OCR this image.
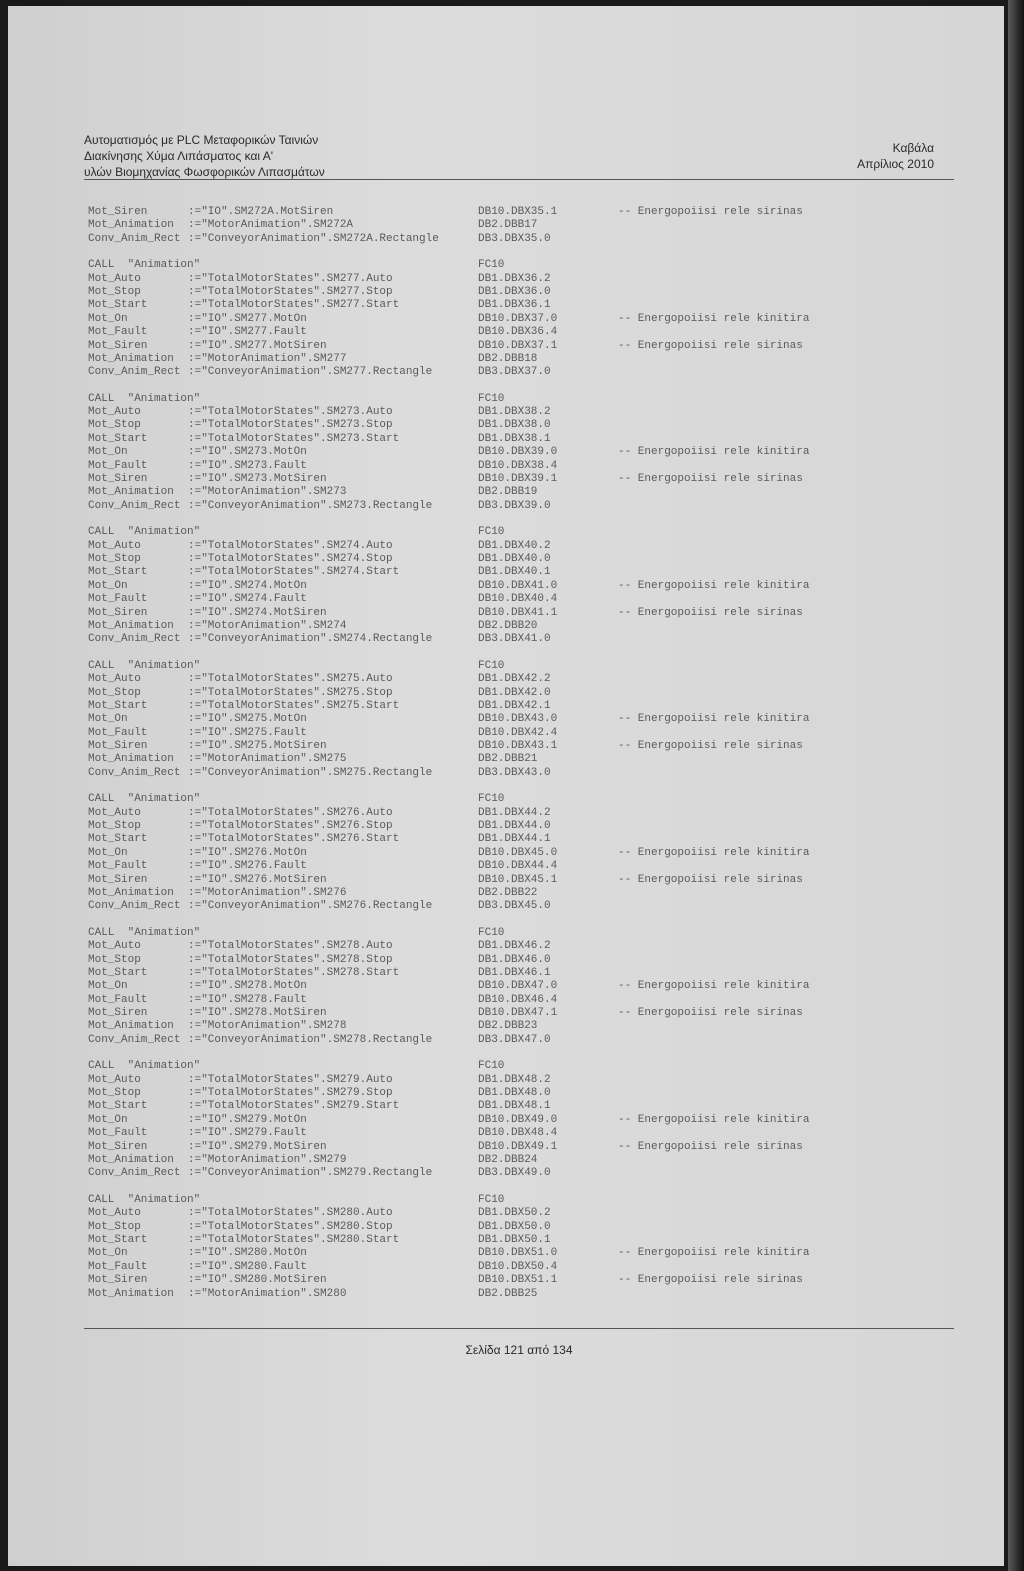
Αυτοματισμός με PLC Μεταφορικών Ταινιών
Διακίνησης Χύμα Λιπάσματος και Α'
υλών Βιομηχανίας Φωσφορικών Λιπασμάτων
Καβάλα
Απρίλιος 2010
Mot_Siren	:="IO".SM272A.MotSiren	DB10.DBX35.1	-- Energopoiisi rele sirinas
Mot_Animation :="MotorAnimation".SM272A	DB2.DBB17
Conv_Anim_Rect :="ConveyorAnimation".SM272A.Rectangle	DB3.DBX35.0
CALL  "Animation"	FC10
Mot_Auto	:="TotalMotorStates".SM277.Auto	DB1.DBX36.2
Mot_Stop	:="TotalMotorStates".SM277.Stop	DB1.DBX36.0
Mot_Start	:="TotalMotorStates".SM277.Start	DB1.DBX36.1
Mot_On	:="IO".SM277.MotOn	DB10.DBX37.0	-- Energopoiisi rele kinitira
Mot_Fault	:="IO".SM277.Fault	DB10.DBX36.4
Mot_Siren	:="IO".SM277.MotSiren	DB10.DBX37.1	-- Energopoiisi rele sirinas
Mot_Animation :="MotorAnimation".SM277	DB2.DBB18
Conv_Anim_Rect :="ConveyorAnimation".SM277.Rectangle	DB3.DBX37.0
CALL  "Animation"	FC10
Mot_Auto	:="TotalMotorStates".SM273.Auto	DB1.DBX38.2
Mot_Stop	:="TotalMotorStates".SM273.Stop	DB1.DBX38.0
Mot_Start	:="TotalMotorStates".SM273.Start	DB1.DBX38.1
Mot_On	:="IO".SM273.MotOn	DB10.DBX39.0	-- Energopoiisi rele kinitira
Mot_Fault	:="IO".SM273.Fault	DB10.DBX38.4
Mot_Siren	:="IO".SM273.MotSiren	DB10.DBX39.1	-- Energopoiisi rele sirinas
Mot_Animation :="MotorAnimation".SM273	DB2.DBB19
Conv_Anim_Rect :="ConveyorAnimation".SM273.Rectangle	DB3.DBX39.0
CALL  "Animation"	FC10
Mot_Auto	:="TotalMotorStates".SM274.Auto	DB1.DBX40.2
Mot_Stop	:="TotalMotorStates".SM274.Stop	DB1.DBX40.0
Mot_Start	:="TotalMotorStates".SM274.Start	DB1.DBX40.1
Mot_On	:="IO".SM274.MotOn	DB10.DBX41.0	-- Energopoiisi rele kinitira
Mot_Fault	:="IO".SM274.Fault	DB10.DBX40.4
Mot_Siren	:="IO".SM274.MotSiren	DB10.DBX41.1	-- Energopoiisi rele sirinas
Mot_Animation :="MotorAnimation".SM274	DB2.DBB20
Conv_Anim_Rect :="ConveyorAnimation".SM274.Rectangle	DB3.DBX41.0
CALL  "Animation"	FC10
Mot_Auto	:="TotalMotorStates".SM275.Auto	DB1.DBX42.2
Mot_Stop	:="TotalMotorStates".SM275.Stop	DB1.DBX42.0
Mot_Start	:="TotalMotorStates".SM275.Start	DB1.DBX42.1
Mot_On	:="IO".SM275.MotOn	DB10.DBX43.0	-- Energopoiisi rele kinitira
Mot_Fault	:="IO".SM275.Fault	DB10.DBX42.4
Mot_Siren	:="IO".SM275.MotSiren	DB10.DBX43.1	-- Energopoiisi rele sirinas
Mot_Animation :="MotorAnimation".SM275	DB2.DBB21
Conv_Anim_Rect :="ConveyorAnimation".SM275.Rectangle	DB3.DBX43.0
CALL  "Animation"	FC10
Mot_Auto	:="TotalMotorStates".SM276.Auto	DB1.DBX44.2
Mot_Stop	:="TotalMotorStates".SM276.Stop	DB1.DBX44.0
Mot_Start	:="TotalMotorStates".SM276.Start	DB1.DBX44.1
Mot_On	:="IO".SM276.MotOn	DB10.DBX45.0	-- Energopoiisi rele kinitira
Mot_Fault	:="IO".SM276.Fault	DB10.DBX44.4
Mot_Siren	:="IO".SM276.MotSiren	DB10.DBX45.1	-- Energopoiisi rele sirinas
Mot_Animation :="MotorAnimation".SM276	DB2.DBB22
Conv_Anim_Rect :="ConveyorAnimation".SM276.Rectangle	DB3.DBX45.0
CALL  "Animation"	FC10
Mot_Auto	:="TotalMotorStates".SM278.Auto	DB1.DBX46.2
Mot_Stop	:="TotalMotorStates".SM278.Stop	DB1.DBX46.0
Mot_Start	:="TotalMotorStates".SM278.Start	DB1.DBX46.1
Mot_On	:="IO".SM278.MotOn	DB10.DBX47.0	-- Energopoiisi rele kinitira
Mot_Fault	:="IO".SM278.Fault	DB10.DBX46.4
Mot_Siren	:="IO".SM278.MotSiren	DB10.DBX47.1	-- Energopoiisi rele sirinas
Mot_Animation :="MotorAnimation".SM278	DB2.DBB23
Conv_Anim_Rect :="ConveyorAnimation".SM278.Rectangle	DB3.DBX47.0
CALL  "Animation"	FC10
Mot_Auto	:="TotalMotorStates".SM279.Auto	DB1.DBX48.2
Mot_Stop	:="TotalMotorStates".SM279.Stop	DB1.DBX48.0
Mot_Start	:="TotalMotorStates".SM279.Start	DB1.DBX48.1
Mot_On	:="IO".SM279.MotOn	DB10.DBX49.0	-- Energopoiisi rele kinitira
Mot_Fault	:="IO".SM279.Fault	DB10.DBX48.4
Mot_Siren	:="IO".SM279.MotSiren	DB10.DBX49.1	-- Energopoiisi rele sirinas
Mot_Animation :="MotorAnimation".SM279	DB2.DBB24
Conv_Anim_Rect :="ConveyorAnimation".SM279.Rectangle	DB3.DBX49.0
CALL  "Animation"	FC10
Mot_Auto	:="TotalMotorStates".SM280.Auto	DB1.DBX50.2
Mot_Stop	:="TotalMotorStates".SM280.Stop	DB1.DBX50.0
Mot_Start	:="TotalMotorStates".SM280.Start	DB1.DBX50.1
Mot_On	:="IO".SM280.MotOn	DB10.DBX51.0	-- Energopoiisi rele kinitira
Mot_Fault	:="IO".SM280.Fault	DB10.DBX50.4
Mot_Siren	:="IO".SM280.MotSiren	DB10.DBX51.1	-- Energopoiisi rele sirinas
Mot_Animation :="MotorAnimation".SM280	DB2.DBB25
Σελίδα 121 από 134
